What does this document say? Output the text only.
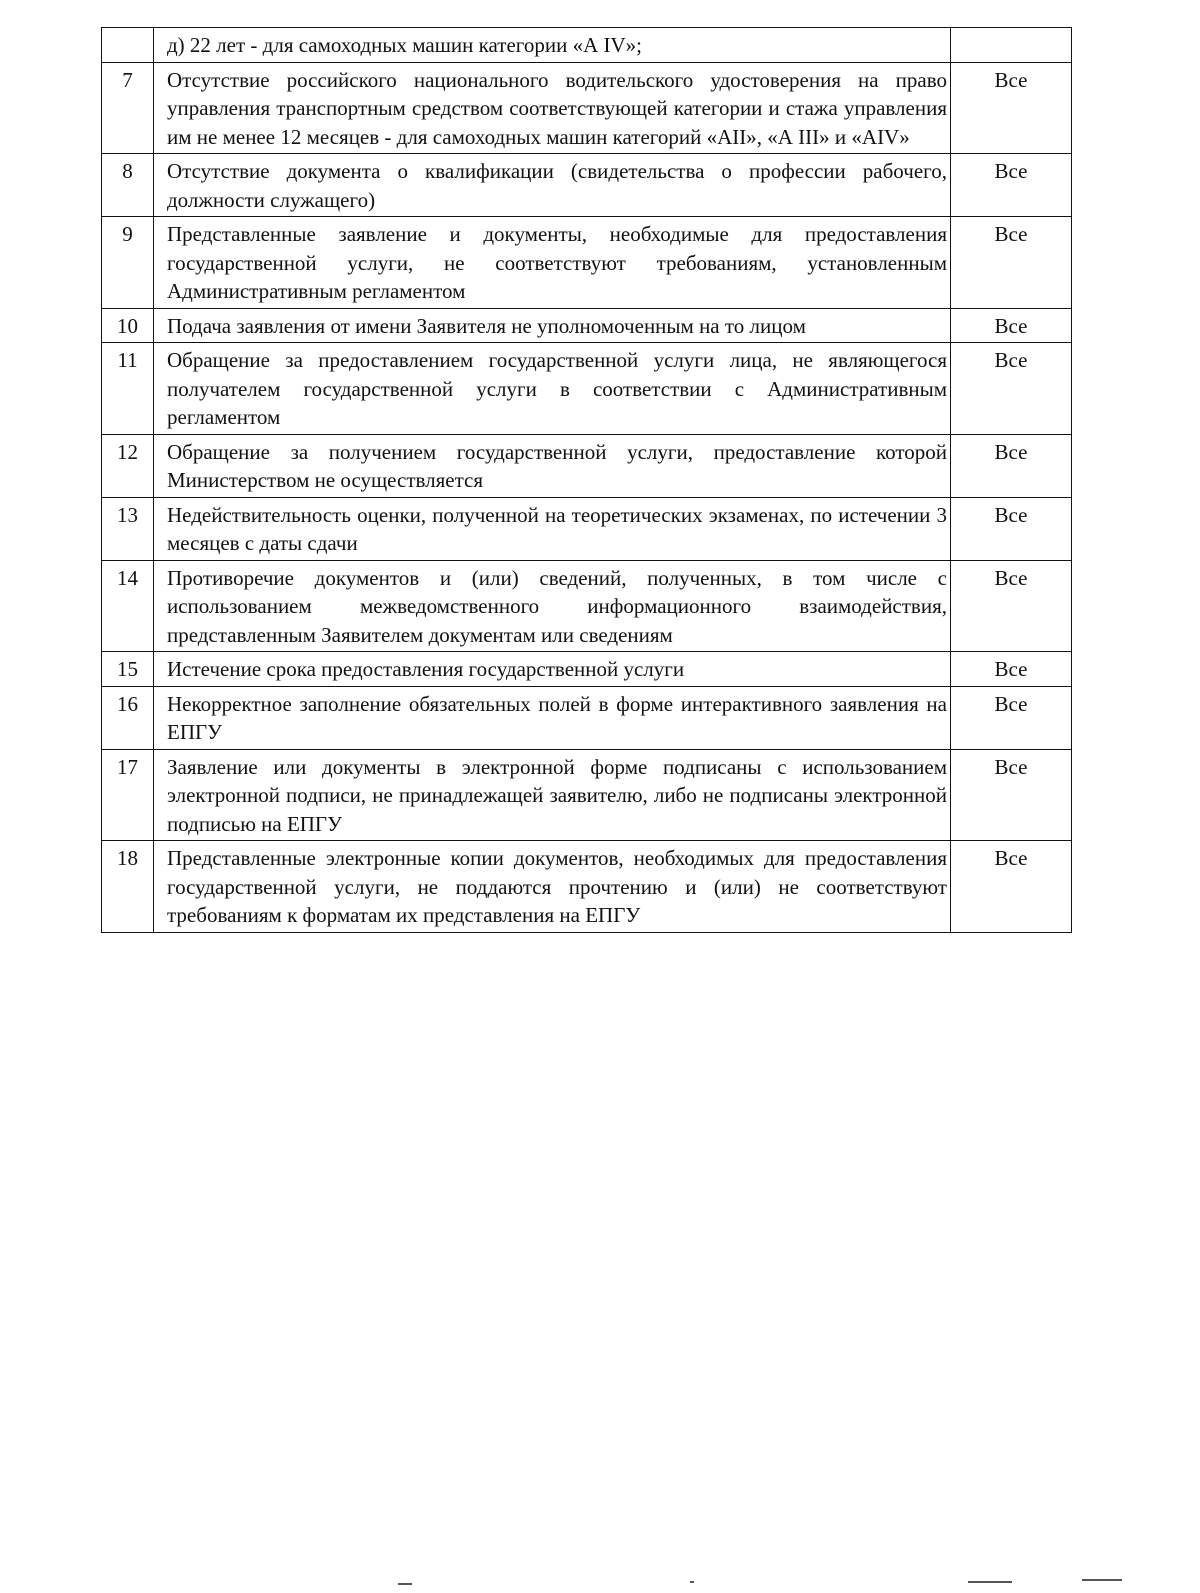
	д) 22 лет - для самоходных машин категории «А IV»;	
7	Отсутствие российского национального водительского удостоверения на право управления транспортным средством соответствующей категории и стажа управления им не менее 12 месяцев - для самоходных машин категорий «АII», «А III» и «АIV»	Все
8	Отсутствие документа о квалификации (свидетельства о профессии рабочего, должности служащего)	Все
9	Представленные заявление и документы, необходимые для предоставления государственной услуги, не соответствуют требованиям, установленным Административным регламентом	Все
10	Подача заявления от имени Заявителя не уполномоченным на то лицом	Все
11	Обращение за предоставлением государственной услуги лица, не являющегося получателем государственной услуги в соответствии с Административным регламентом	Все
12	Обращение за получением государственной услуги, предоставление которой Министерством не осуществляется	Все
13	Недействительность оценки, полученной на теоретических экзаменах, по истечении 3 месяцев с даты сдачи	Все
14	Противоречие документов и (или) сведений, полученных, в том числе с использованием межведомственного информационного взаимодействия, представленным Заявителем документам или сведениям	Все
15	Истечение срока предоставления государственной услуги	Все
16	Некорректное заполнение обязательных полей в форме интерактивного заявления на ЕПГУ	Все
17	Заявление или документы в электронной форме подписаны с использованием электронной подписи, не принадлежащей заявителю, либо не подписаны электронной подписью на ЕПГУ	Все
18	Представленные электронные копии документов, необходимых для предоставления государственной услуги, не поддаются прочтению и (или) не соответствуют требованиям к форматам их представления на ЕПГУ	Все
